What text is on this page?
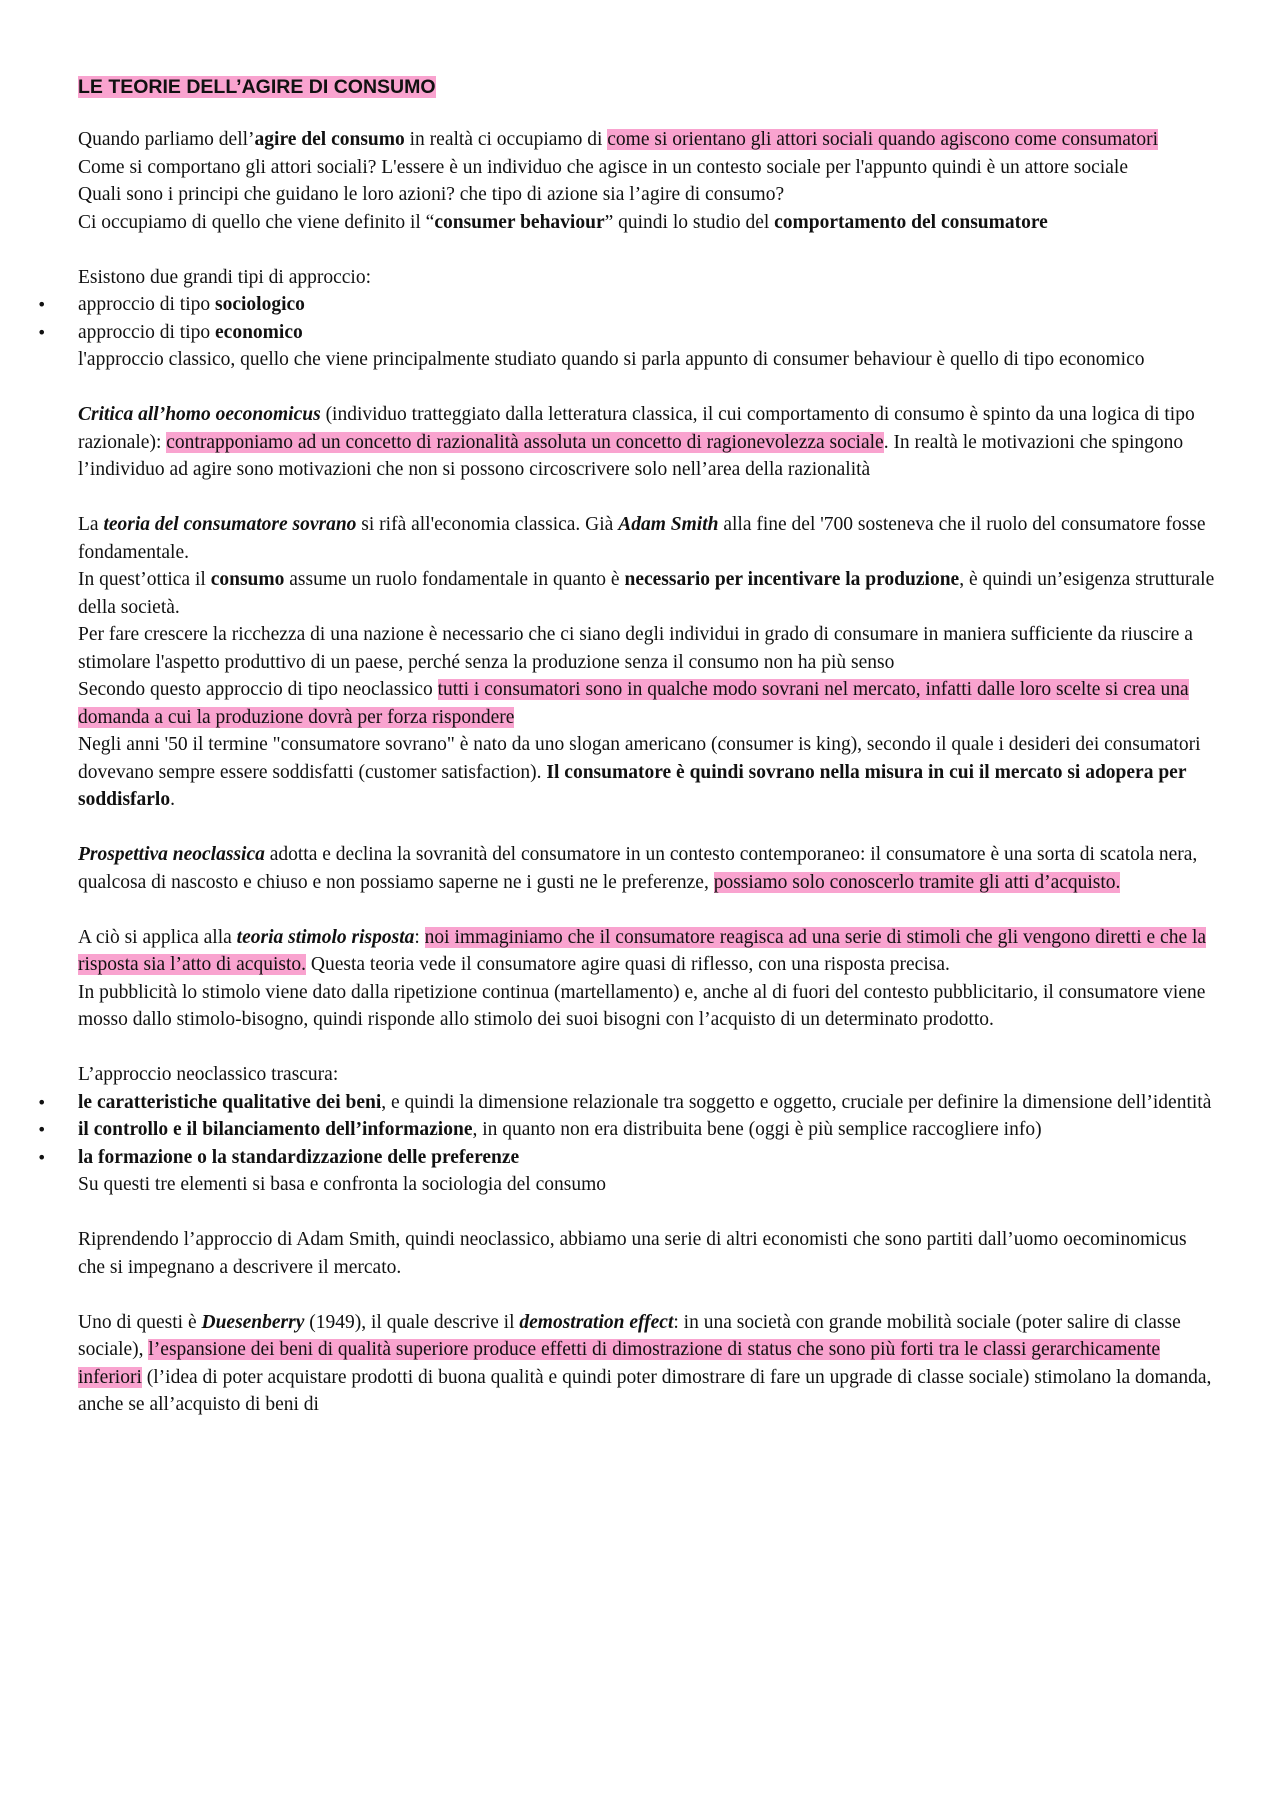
LE TEORIE DELL’AGIRE DI CONSUMO

Quando parliamo dell’agire del consumo in realtà ci occupiamo di come si orientano gli attori sociali quando agiscono come consumatori

Come si comportano gli attori sociali? L'essere è un individuo che agisce in un contesto sociale per l'appunto quindi è un attore sociale

Quali sono i principi che guidano le loro azioni? che tipo di azione sia l’agire di consumo?

Ci occupiamo di quello che viene definito il “consumer behaviour” quindi lo studio del comportamento del consumatore

Esistono due grandi tipi di approccio:

• approccio di tipo sociologico
• approccio di tipo economico

l'approccio classico, quello che viene principalmente studiato quando si parla appunto di consumer behaviour è quello di tipo economico

Critica all’homo oeconomicus (individuo tratteggiato dalla letteratura classica, il cui comportamento di consumo è spinto da una logica di tipo razionale): contrapponiamo ad un concetto di razionalità assoluta un concetto di ragionevolezza sociale. In realtà le motivazioni che spingono l’individuo ad agire sono motivazioni che non si possono circoscrivere solo nell’area della razionalità

La teoria del consumatore sovrano si rifà all'economia classica. Già Adam Smith alla fine del '700 sosteneva che il ruolo del consumatore fosse fondamentale.

In quest’ottica il consumo assume un ruolo fondamentale in quanto è necessario per incentivare la produzione, è quindi un’esigenza strutturale della società.

Per fare crescere la ricchezza di una nazione è necessario che ci siano degli individui in grado di consumare in maniera sufficiente da riuscire a stimolare l'aspetto produttivo di un paese, perché senza la produzione senza il consumo non ha più senso

Secondo questo approccio di tipo neoclassico tutti i consumatori sono in qualche modo sovrani nel mercato, infatti dalle loro scelte si crea una domanda a cui la produzione dovrà per forza rispondere

Negli anni '50 il termine "consumatore sovrano" è nato da uno slogan americano (consumer is king), secondo il quale i desideri dei consumatori dovevano sempre essere soddisfatti (customer satisfaction). Il consumatore è quindi sovrano nella misura in cui il mercato si adopera per soddisfarlo.

Prospettiva neoclassica adotta e declina la sovranità del consumatore in un contesto contemporaneo: il consumatore è una sorta di scatola nera, qualcosa di nascosto e chiuso e non possiamo saperne ne i gusti ne le preferenze, possiamo solo conoscerlo tramite gli atti d’acquisto.

A ciò si applica alla teoria stimolo risposta: noi immaginiamo che il consumatore reagisca ad una serie di stimoli che gli vengono diretti e che la risposta sia l’atto di acquisto. Questa teoria vede il consumatore agire quasi di riflesso, con una risposta precisa.

In pubblicità lo stimolo viene dato dalla ripetizione continua (martellamento) e, anche al di fuori del contesto pubblicitario, il consumatore viene mosso dallo stimolo-bisogno, quindi risponde allo stimolo dei suoi bisogni con l’acquisto di un determinato prodotto.

L’approccio neoclassico trascura:

• le caratteristiche qualitative dei beni, e quindi la dimensione relazionale tra soggetto e oggetto, cruciale per definire la dimensione dell’identità
• il controllo e il bilanciamento dell’informazione, in quanto non era distribuita bene (oggi è più semplice raccogliere info)
• la formazione o la standardizzazione delle preferenze

Su questi tre elementi si basa e confronta la sociologia del consumo

Riprendendo l’approccio di Adam Smith, quindi neoclassico, abbiamo una serie di altri economisti che sono partiti dall’uomo oecominomicus che si impegnano a descrivere il mercato.

Uno di questi è Duesenberry (1949), il quale descrive il demostration effect: in una società con grande mobilità sociale (poter salire di classe sociale), l’espansione dei beni di qualità superiore produce effetti di dimostrazione di status che sono più forti tra le classi gerarchicamente inferiori (l’idea di poter acquistare prodotti di buona qualità e quindi poter dimostrare di fare un upgrade di classe sociale) stimolano la domanda, anche se all’acquisto di beni di
